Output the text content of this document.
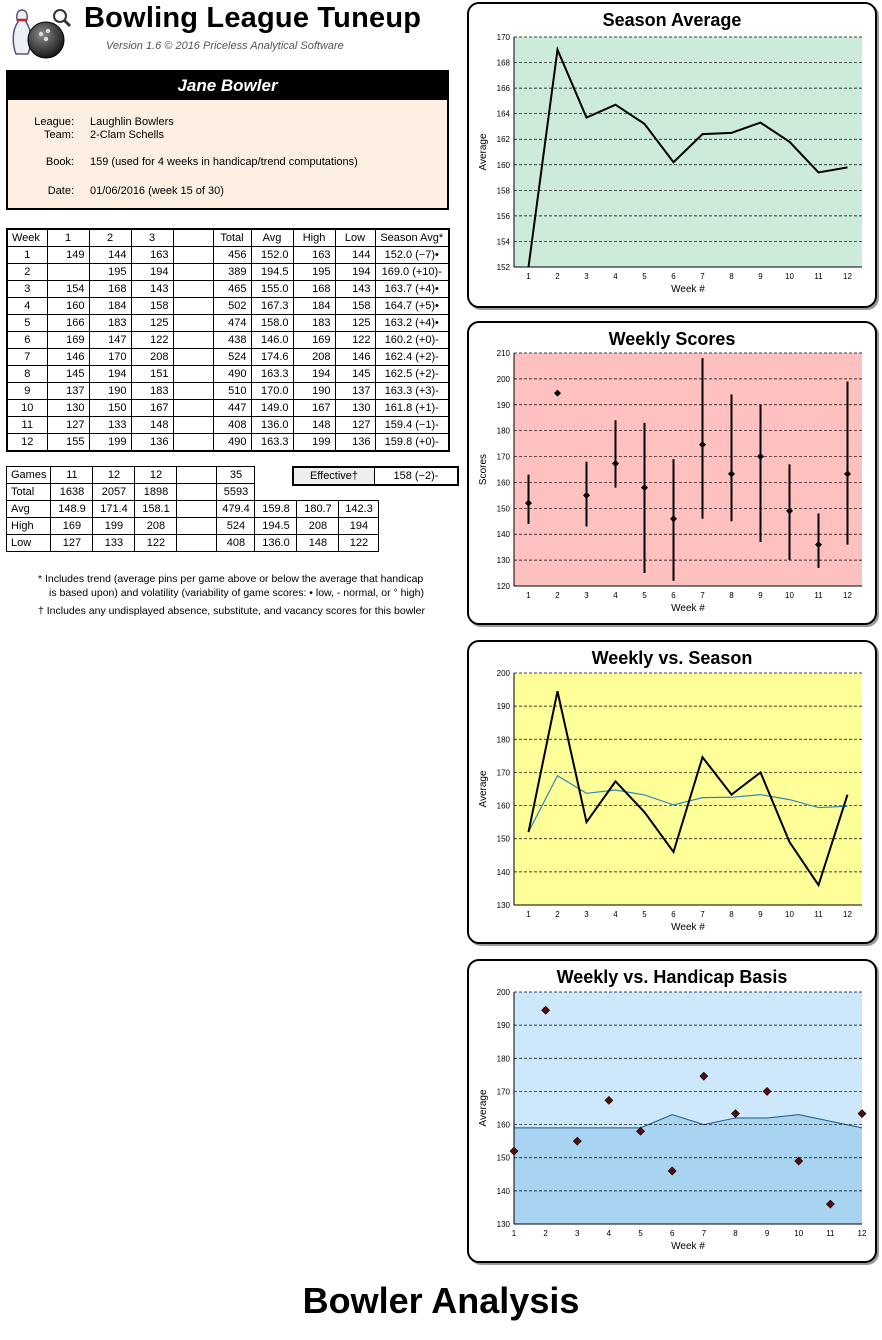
Bowling League Tuneup
Version 1.6 © 2016 Priceless Analytical Software
Jane Bowler
League: Laughlin Bowlers
Team: 2-Clam Schells
Book: 159 (used for 4 weeks in handicap/trend computations)
Date: 01/06/2016 (week 15 of 30)
Week	1	2	3		Total	Avg	High	Low	Season Avg*
1	149	144	163		456	152.0	163	144	152.0 (−7)•
2		195	194		389	194.5	195	194	169.0 (+10)-
3	154	168	143		465	155.0	168	143	163.7 (+4)•
4	160	184	158		502	167.3	184	158	164.7 (+5)•
5	166	183	125		474	158.0	183	125	163.2 (+4)•
6	169	147	122		438	146.0	169	122	160.2 (+0)-
7	146	170	208		524	174.6	208	146	162.4 (+2)-
8	145	194	151		490	163.3	194	145	162.5 (+2)-
9	137	190	183		510	170.0	190	137	163.3 (+3)-
10	130	150	167		447	149.0	167	130	161.8 (+1)-
11	127	133	148		408	136.0	148	127	159.4 (−1)-
12	155	199	136		490	163.3	199	136	159.8 (+0)-
Games	11	12	12		35			
Total	1638	2057	1898		5593			
Avg	148.9	171.4	158.1		479.4	159.8	180.7	142.3
High	169	199	208		524	194.5	208	194
Low	127	133	122		408	136.0	148	122
Effective†	158 (−2)-
* Includes trend (average pins per game above or below the average that handicap
is based upon) and volatility (variability of game scores: • low, - normal, or ° high)
† Includes any undisplayed absence, substitute, and vacancy scores for this bowler
Season Average
152
154
156
158
160
162
164
166
168
170
1	2	3	4	5	6	7	8	9	10	11	12
Week #
Average
Weekly Scores
120
130
140
150
160
170
180
190
200
210
1	2	3	4	5	6	7	8	9	10	11	12
Week #
Scores
Weekly vs. Season
130
140
150
160
170
180
190
200
1	2	3	4	5	6	7	8	9	10	11	12
Week #
Average
Weekly vs. Handicap Basis
130
140
150
160
170
180
190
200
1	2	3	4	5	6	7	8	9	10	11	12
Week #
Average
Bowler Analysis
